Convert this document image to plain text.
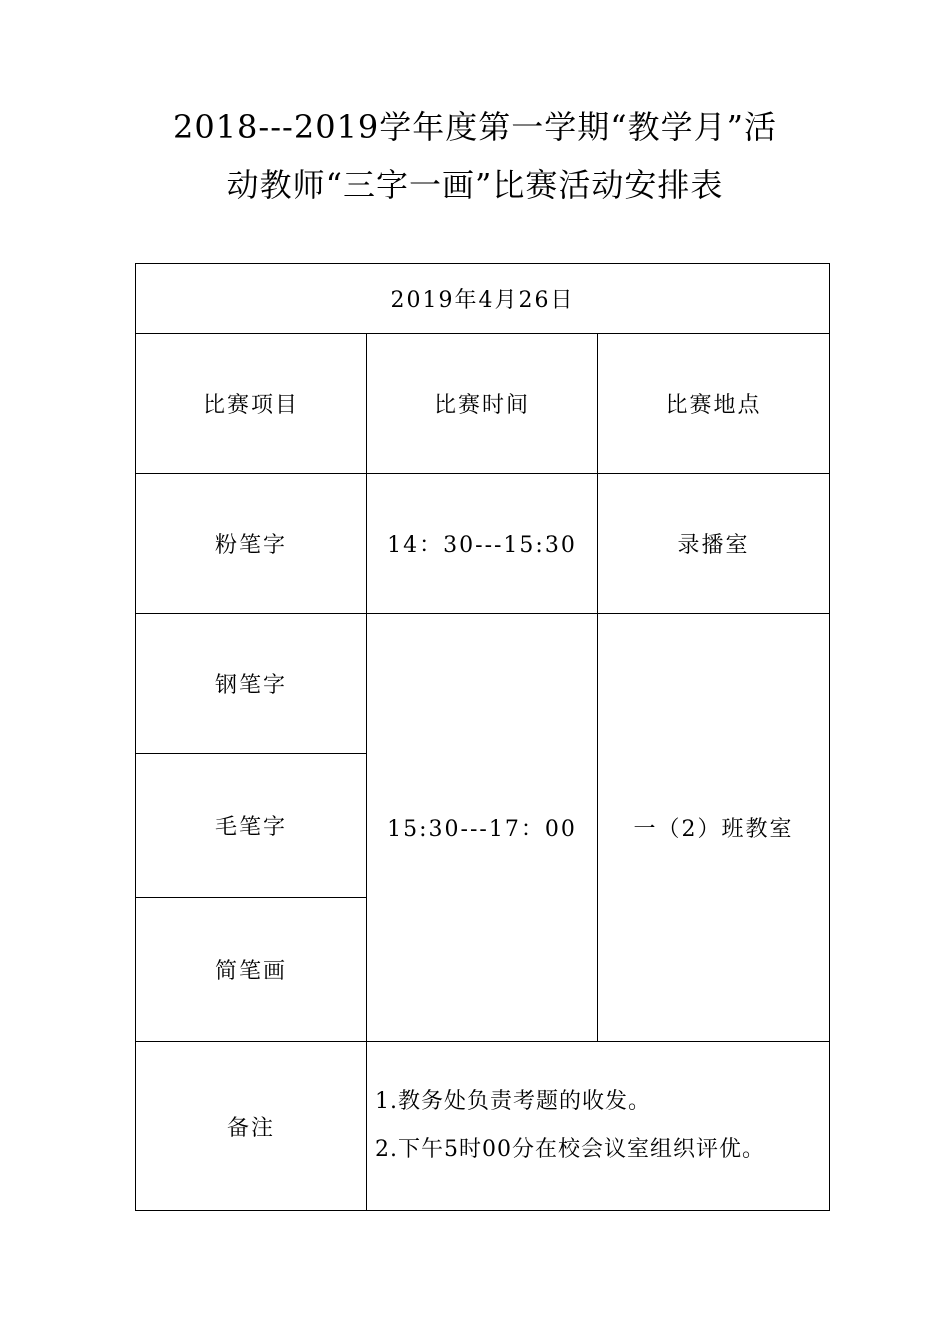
2018---2019学年度第一学期“教学月”活
动教师“三字一画”比赛活动安排表
2019年4月26日		
比赛项目	比赛时间	比赛地点
粉笔字	14：30---15:30	录播室
钢笔字	15:30---17：00	一（2）班教室
毛笔字		
简笔画		
备注	1.教务处负责考题的收发。
2.下午5时00分在校会议室组织评优。	
